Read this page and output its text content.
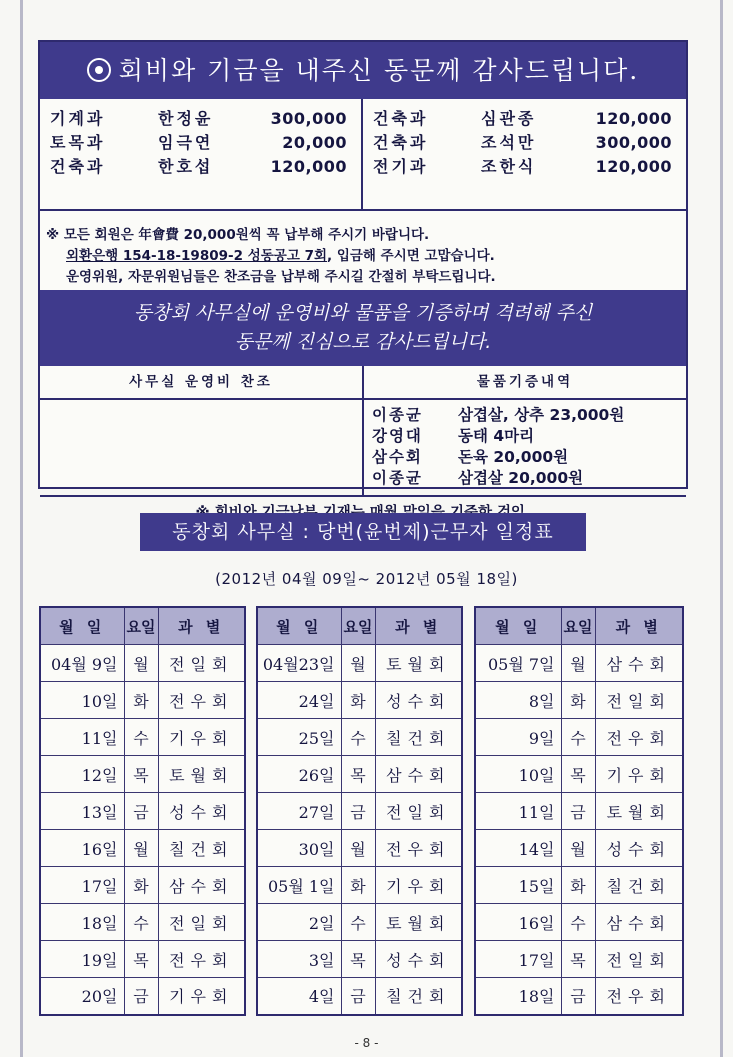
회비와 기금을 내주신 동문께 감사드립니다.
기계과	한정윤	300,000
토목과	임극연	20,000
건축과	한호섭	120,000
건축과	심관종	120,000
건축과	조석만	300,000
전기과	조한식	120,000
※ 모든 회원은 年會費 20,000원씩 꼭 납부해 주시기 바랍니다.
외환은행 154-18-19809-2 성동공고 7회, 입금해 주시면 고맙습니다.
운영위원, 자문위원님들은 찬조금을 납부해 주시길 간절히 부탁드립니다.
동창회 사무실에 운영비와 물품을 기증하며 격려해 주신
동문께 진심으로 감사드립니다.
사무실 운영비 찬조	물품기증내역
이종균	삼겹살, 상추 23,000원
강영대	동태 4마리
삼수회	돈육 20,000원
이종균	삼겹살 20,000원
동창회 사무실 : 당번(윤번제)근무자 일정표
(2012년 04월 09일~ 2012년 05월 18일)
월 일	요일	과 별
04월 9일	월	전일회
10일	화	전우회
11일	수	기우회
12일	목	토월회
13일	금	성수회
16일	월	칠건회
17일	화	삼수회
18일	수	전일회
19일	목	전우회
20일	금	기우회
월 일	요일	과 별
04월23일	월	토월회
24일	화	성수회
25일	수	칠건회
26일	목	삼수회
27일	금	전일회
30일	월	전우회
05월 1일	화	기우회
2일	수	토월회
3일	목	성수회
4일	금	칠건회
월 일	요일	과 별
05월 7일	월	삼수회
8일	화	전일회
9일	수	전우회
10일	목	기우회
11일	금	토월회
14일	월	성수회
15일	화	칠건회
16일	수	삼수회
17일	목	전일회
18일	금	전우회
- 8 -
